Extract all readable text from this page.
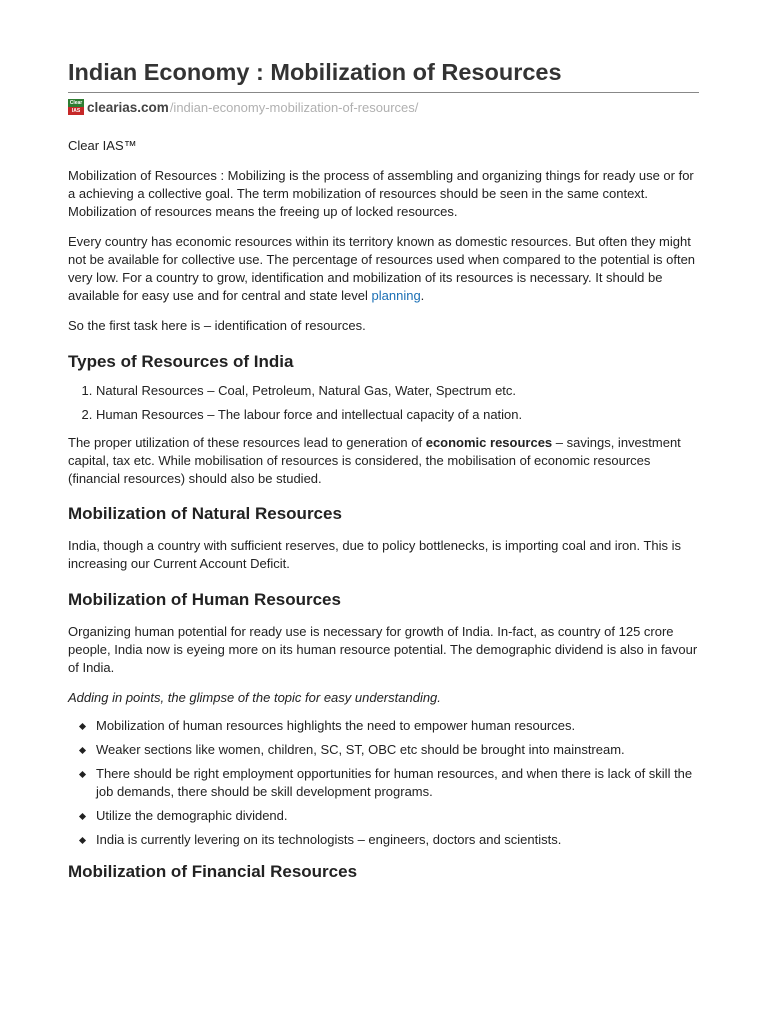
Indian Economy : Mobilization of Resources
Clear
IAS clearias.com /indian-economy-mobilization-of-resources/

Clear IAS™

Mobilization of Resources : Mobilizing is the process of assembling and organizing things for ready use or for a achieving a collective goal. The term mobilization of resources should be seen in the same context. Mobilization of resources means the freeing up of locked resources.

Every country has economic resources within its territory known as domestic resources. But often they might not be available for collective use. The percentage of resources used when compared to the potential is often very low. For a country to grow, identification and mobilization of its resources is necessary. It should be available for easy use and for central and state level planning.

So the first task here is – identification of resources.

Types of Resources of India
1. Natural Resources – Coal, Petroleum, Natural Gas, Water, Spectrum etc.
2. Human Resources – The labour force and intellectual capacity of a nation.

The proper utilization of these resources lead to generation of economic resources – savings, investment capital, tax etc. While mobilisation of resources is considered, the mobilisation of economic resources (financial resources) should also be studied.

Mobilization of Natural Resources

India, though a country with sufficient reserves, due to policy bottlenecks, is importing coal and iron. This is increasing our Current Account Deficit.

Mobilization of Human Resources

Organizing human potential for ready use is necessary for growth of India. In-fact, as country of 125 crore people, India now is eyeing more on its human resource potential. The demographic dividend is also in favour of India.

Adding in points, the glimpse of the topic for easy understanding.

Mobilization of human resources highlights the need to empower human resources.
Weaker sections like women, children, SC, ST, OBC etc should be brought into mainstream.
There should be right employment opportunities for human resources, and when there is lack of skill the job demands, there should be skill development programs.
Utilize the demographic dividend.
India is currently levering on its technologists – engineers, doctors and scientists.
Mobilization of Financial Resources
